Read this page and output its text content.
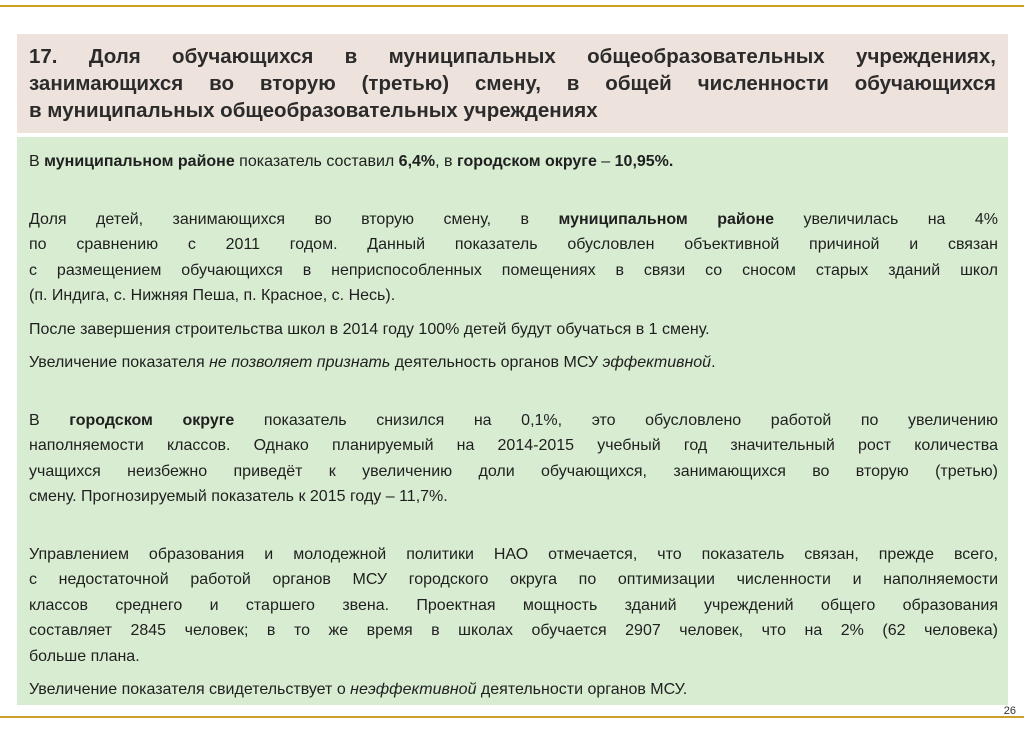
17. Доля обучающихся в муниципальных общеобразовательных учреждениях,
занимающихся во вторую (третью) смену, в общей численности обучающихся
в муниципальных общеобразовательных учреждениях

В муниципальном районе показатель составил 6,4%, в городском округе – 10,95%.

Доля детей, занимающихся во вторую смену, в муниципальном районе увеличилась на 4%
по сравнению с 2011 годом. Данный показатель обусловлен объективной причиной и связан
с размещением обучающихся в неприспособленных помещениях в связи со сносом старых зданий школ
(п. Индига, с. Нижняя Пеша, п. Красное, с. Несь).

После завершения строительства школ в 2014 году 100% детей будут обучаться в 1 смену.

Увеличение показателя не позволяет признать деятельность органов МСУ эффективной.

В городском округе показатель снизился на 0,1%, это обусловлено работой по увеличению
наполняемости классов. Однако планируемый на 2014-2015 учебный год значительный рост количества
учащихся неизбежно приведёт к увеличению доли обучающихся, занимающихся во вторую (третью)
смену. Прогнозируемый показатель к 2015 году – 11,7%.

Управлением образования и молодежной политики НАО отмечается, что показатель связан, прежде всего,
с недостаточной работой органов МСУ городского округа по оптимизации численности и наполняемости
классов среднего и старшего звена. Проектная мощность зданий учреждений общего образования
составляет 2845 человек; в то же время в школах обучается 2907 человек, что на 2% (62 человека)
больше плана.

Увеличение показателя свидетельствует о неэффективной деятельности органов МСУ.

26
